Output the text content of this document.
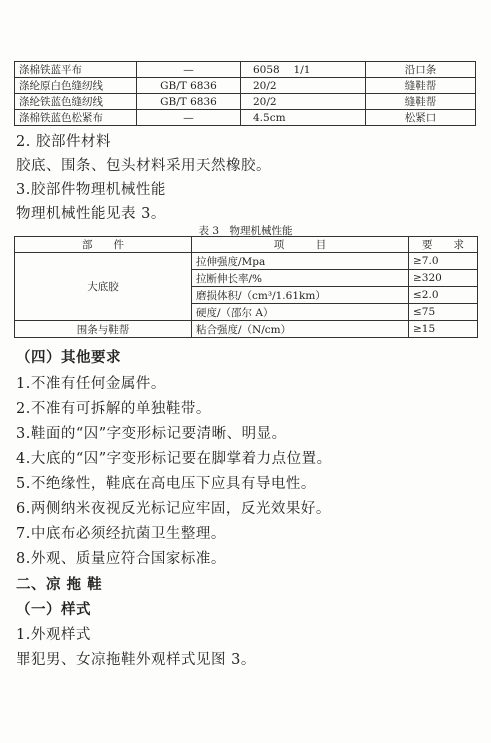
涤棉铁蓝平布	—	6058　 1/1	沿口条
涤纶原白色缝纫线	GB/T 6836	20/2	缝鞋帮
涤纶铁蓝色缝纫线	GB/T 6836	20/2	缝鞋帮
涤棉铁蓝色松紧布	—	4.5cm	松紧口
2. 胶部件材料
胶底、围条、包头材料采用天然橡胶。
3.胶部件物理机械性能
物理机械性能见表 3。
表 3　物理机械性能
部　　件	项　　　目	要　　求
大底胶	拉伸强度/Mpa	≥7.0
	拉断伸长率/%	≥320
	磨损体积/（cm³/1.61km）	≤2.0
	硬度/（邵尔 A）	≤75
围条与鞋帮	粘合强度/（N/cm）	≥15
（四）其他要求
1.不准有任何金属件。
2.不准有可拆解的单独鞋带。
3.鞋面的“囚”字变形标记要清晰、明显。
4.大底的“囚”字变形标记要在脚掌着力点位置。
5.不绝缘性，鞋底在高电压下应具有导电性。
6.两侧纳米夜视反光标记应牢固，反光效果好。
7.中底布必须经抗菌卫生整理。
8.外观、质量应符合国家标准。
二、凉 拖 鞋
（一）样式
1.外观样式
罪犯男、女凉拖鞋外观样式见图 3。
